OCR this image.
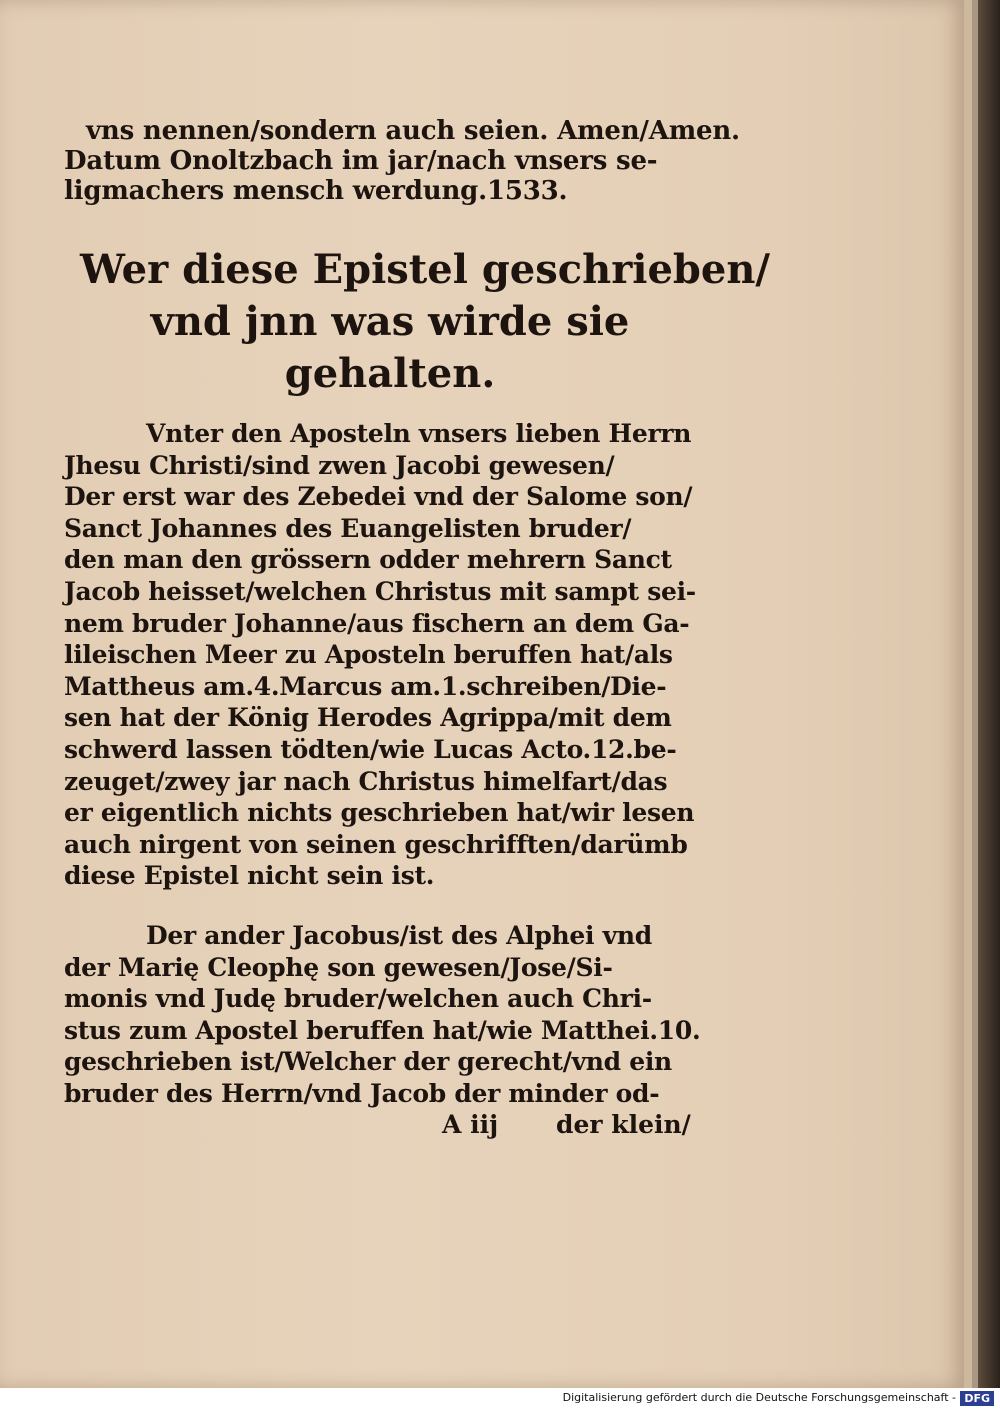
vns nennen/sondern auch seien. Amen/Amen.
Datum Onoltzbach im jar/nach vnsers se-
ligmachers mensch werdung.1533.
Wer diese Epistel geschrieben/
vnd jnn was wirde sie
gehalten.
Vnter den Aposteln vnsers lieben Herrn
Jhesu Christi/sind zwen Jacobi gewesen/
Der erst war des Zebedei vnd der Salome son/
Sanct Johannes des Euangelisten bruder/
den man den grössern odder mehrern Sanct
Jacob heisset/welchen Christus mit sampt sei-
nem bruder Johanne/aus fischern an dem Ga-
lileischen Meer zu Aposteln beruffen hat/als
Mattheus am.4.Marcus am.1.schreiben/Die-
sen hat der König Herodes Agrippa/mit dem
schwerd lassen tödten/wie Lucas Acto.12.be-
zeuget/zwey jar nach Christus himelfart/das
er eigentlich nichts geschrieben hat/wir lesen
auch nirgent von seinen geschrifften/darümb
diese Epistel nicht sein ist.
Der ander Jacobus/ist des Alphei vnd
der Marię Cleophę son gewesen/Jose/Si-
monis vnd Judę bruder/welchen auch Chri-
stus zum Apostel beruffen hat/wie Matthei.10.
geschrieben ist/Welcher der gerecht/vnd ein
bruder des Herrn/vnd Jacob der minder od-
A iij der klein/
Digitalisierung gefördert durch die Deutsche Forschungsgemeinschaft - DFG
